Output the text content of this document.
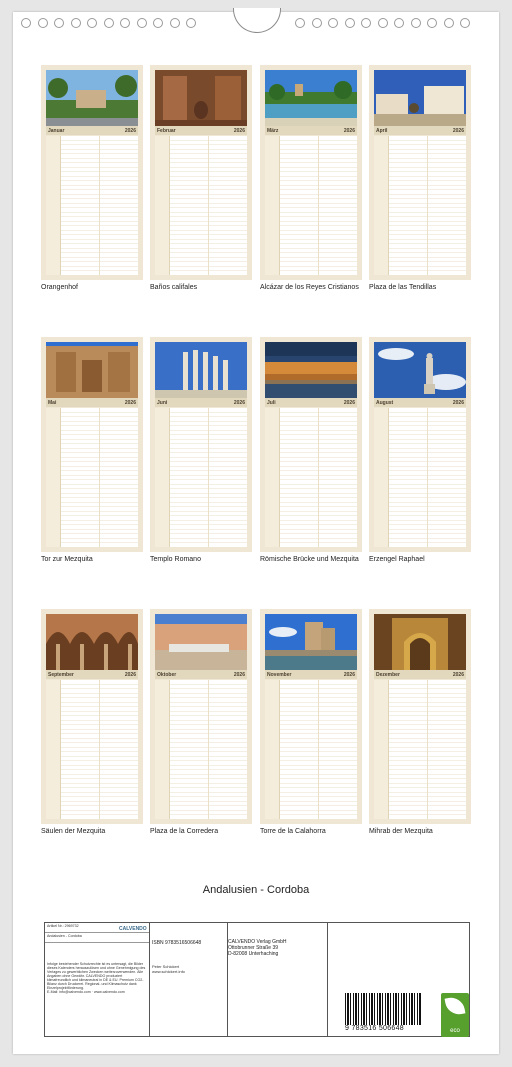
Januar	2026
Orangenhof
Februar	2026
Baños califales
März	2026
Alcázar de los Reyes Cristianos
April	2026
Plaza de las Tendillas
Mai	2026
Tor zur Mezquita
Juni	2026
Templo Romano
Juli	2026
Römische Brücke und Mezquita
August	2026
Erzengel Raphael
September	2026
Säulen der Mezquita
Oktober	2026
Plaza de la Corredera
November	2026
Torre de la Calahorra
Dezember	2026
Mihrab der Mezquita
Andalusien - Cordoba
Artikel Nr.: 2969732	CALVENDO
Andalusien - Cordoba
Infolge bestehender Schutzrechte ist es untersagt, die Bilder dieses Kalenders herauszulösen und ohne Genehmigung des Verlages zu gewerblichen Zwecken weiterzuverwenden. Alle Angaben ohne Gewähr. CALVENDO produziert klimafreundlich und klimaneutral in DE & EU. Premium CO2-Bilanz durch Druckerei. Regional- und Klimaschutz dank Einzelprojektförderung.
E-Mail: info@calvendo.com · www.calvendo.com
ISBN 9783516506648
Peter Schickert
www.schickert.info
CALVENDO Verlag GmbH
Ottobrunner Straße 39
D-82008 Unterhaching
9 783516 506648	eco
